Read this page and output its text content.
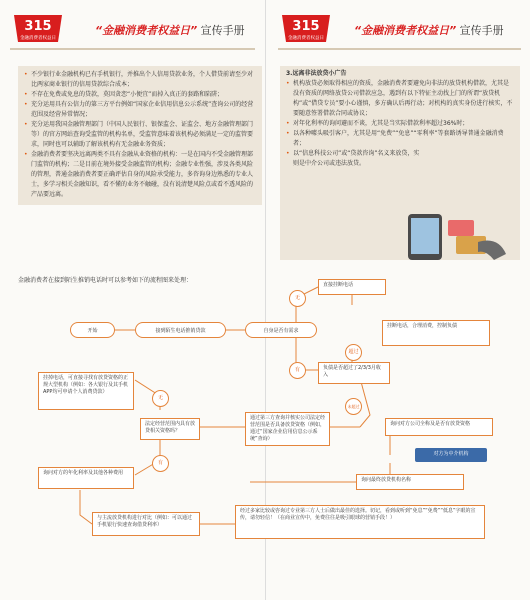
315
金融消费者权益日
“金融消费者权益日” 宣传手册

• 不少银行业金融机构已有手机银行，并推出个人信用贷款业务，个人借贷前请至少对比两家商业银行的信用贷款综合成本；

• 不存在免费或免息的贷款，莫因贪恋“小便宜”而掉入真正的套路和陷阱；

• 充分运用具有公信力的第三方平台例如“国家企业信用信息公示系统”查询公司的经营范围及经营异常情况；

• 充分运用我国金融管理部门（中国人民银行、银保监会、证监会、地方金融管理部门等）的官方网站查询受监管的机构名单，受监管意味着该机构必须满足一定的监管要求，同时也可以辅助了解该机构有无金融业务资质；

• 金融消费者要坚决远离两类不具有金融从业资格的机构：一是在国内不受金融管理部门监管的机构；二是目前在境外接受金融监管的机构；金融专业性强，涉及各类风险的管理，普通金融消费者要正确评估自身的风险承受能力，多咨询身边熟悉的专业人士，多学习相关金融知识，看不懂的业务不触碰，没有说清楚风险点或看不透风险的产品要远离。

金融消费者在接到陌生推销电话时可以参考如下的流程图来处理：
315
金融消费者权益日
“金融消费者权益日” 宣传手册
3.远离非法放贷小广告

• 机构放贷必须取得相应的资质，金融消费者要避免向非法的放贷机构借款，尤其是没有资质的网络放贷公司借款应急，遇到有以下特征主动找上门的所谓“放贷机构”或“借贷专员”要小心谨慎，多方确认后再行动；对机构的真实身份进行核实，不要随意签署借款合同或协议；

• 对年化利率的询问避而不谈，尤其是当实际借款利率超过36%时；

• 以各种噱头吸引客户，尤其是用“免费”“免息”“零利率”等套路诱导普通金融消费者；

• 以“信息科技公司”或“贷款咨询”名义来放贷，实则是中介公司或违法放贷。

开始	接到陌生电话推销贷款	自身是否有需求
无
有
直接挂断电话
挂断电话，合理消费，控制负债
超过
负债是否超过了2/3/3月收入
未超过
询问对方公司全称及是否有放贷资格
对方为中介机构
询问最终放贷机构名称
通过第三方查询并核实公司法定经营范围是否具备放贷资格（例如，通过“国家企业信用信息公示系统”查询）
法定经营范围内具有放贷相关资格吗？
无
有
挂掉电话，可直接寻找有放贷资格的正规大型机构（例如：各大银行及其手机APP均可申请个人消费贷款）
询问对方的年化利率及其他各种费用
与主流放贷机构进行对比（例如：可以通过手机银行快速查询借贷利率）
经过多家比较或咨询过专业第三方人士后做出最佳的选择。切记，看到或听到“免息”“免费”“低息”字眼的宣传，请勿轻信！（在商业宣传中，免费往往是吸引眼球的营销手段！）
